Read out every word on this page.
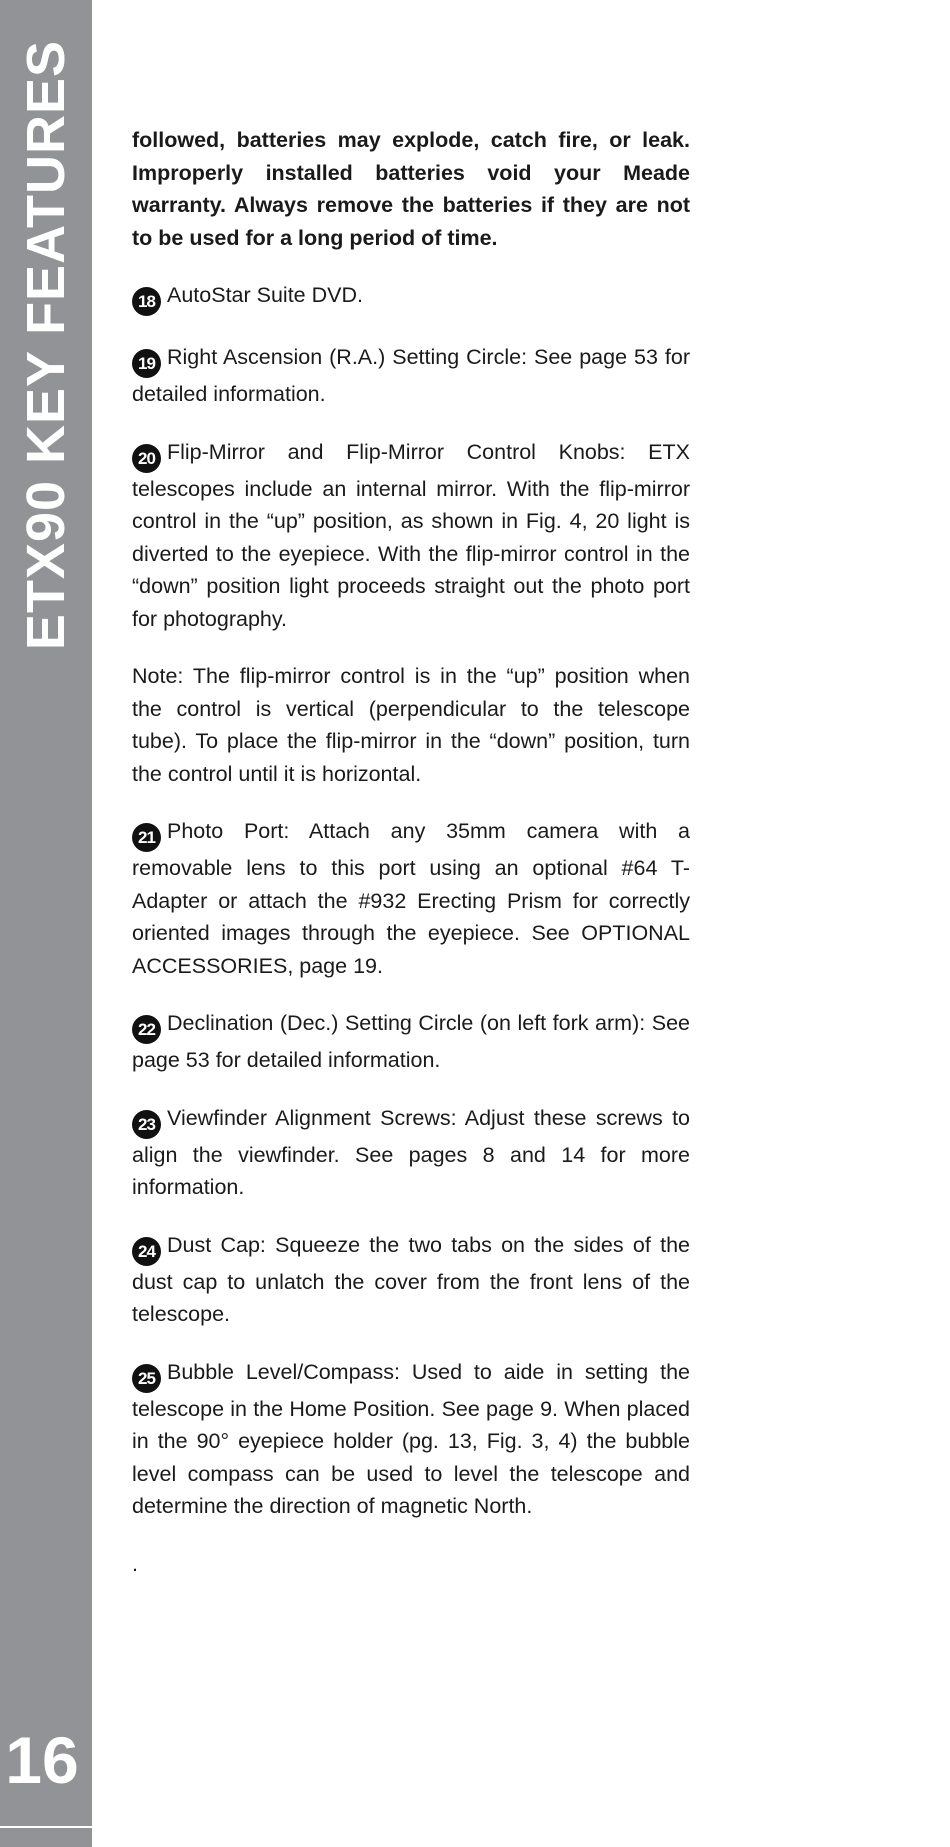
ETX90 KEY FEATURES
16

followed, batteries may explode, catch fire, or leak. Improperly installed batteries void your Meade warranty. Always remove the batteries if they are not to be used for a long period of time.

18 AutoStar Suite DVD.

19 Right Ascension (R.A.) Setting Circle: See page 53 for detailed information.

20 Flip-Mirror and Flip-Mirror Control Knobs: ETX telescopes include an internal mirror. With the flip-mirror control in the “up” position, as shown in Fig. 4, 20 light is diverted to the eyepiece. With the flip-mirror control in the “down” position light proceeds straight out the photo port for photography.

Note: The flip-mirror control is in the “up” position when the control is vertical (perpendicular to the telescope tube). To place the flip-mirror in the “down” position, turn the control until it is horizontal.

21 Photo Port: Attach any 35mm camera with a removable lens to this port using an optional #64 T-Adapter or attach the #932 Erecting Prism for correctly oriented images through the eyepiece. See OPTIONAL ACCESSORIES, page 19.

22 Declination (Dec.) Setting Circle (on left fork arm): See page 53 for detailed information.

23 Viewfinder Alignment Screws: Adjust these screws to align the viewfinder. See pages 8 and 14 for more information.

24 Dust Cap: Squeeze the two tabs on the sides of the dust cap to unlatch the cover from the front lens of the telescope.

25 Bubble Level/Compass: Used to aide in setting the telescope in the Home Position. See page 9. When placed in the 90° eyepiece holder (pg. 13, Fig. 3, 4) the bubble level compass can be used to level the telescope and determine the direction of magnetic North.

.
